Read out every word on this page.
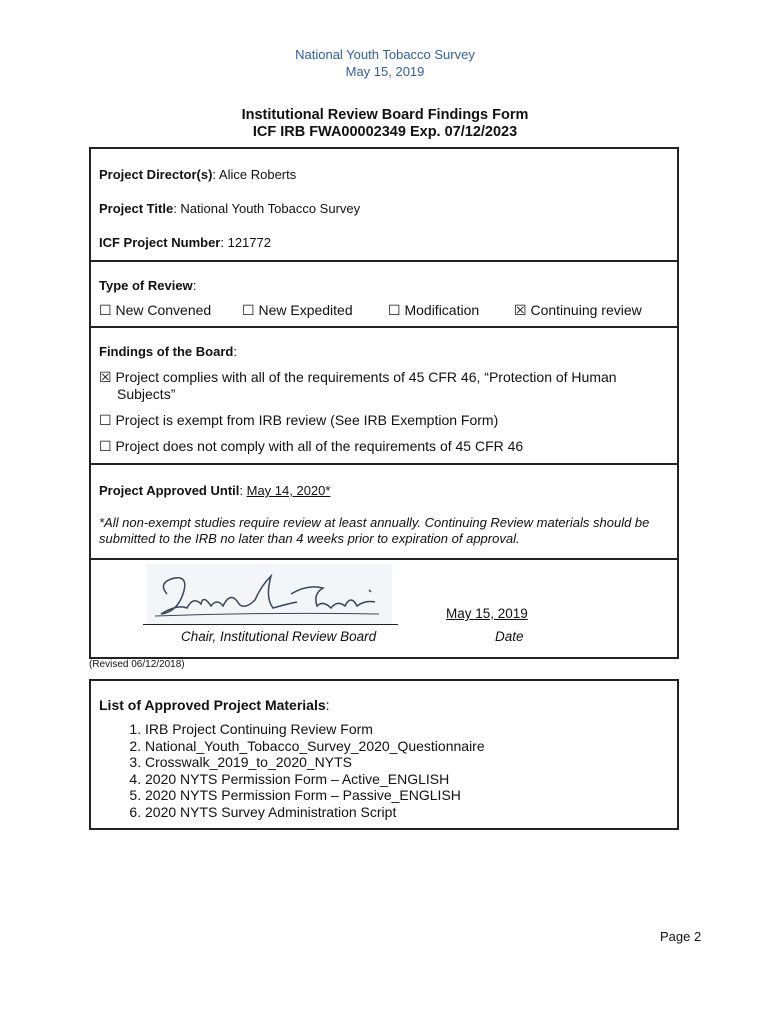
National Youth Tobacco Survey
May 15, 2019
Institutional Review Board Findings Form
ICF IRB FWA00002349 Exp. 07/12/2023
Project Director(s): Alice Roberts
Project Title: National Youth Tobacco Survey
ICF Project Number: 121772
Type of Review:
☐ New Convened ☐ New Expedited	☐ Modification ☒ Continuing review
Findings of the Board:
☒ Project complies with all of the requirements of 45 CFR 46, “Protection of Human Subjects”
☐ Project is exempt from IRB review (See IRB Exemption Form)
☐ Project does not comply with all of the requirements of 45 CFR 46
Project Approved Until: May 14, 2020*
*All non-exempt studies require review at least annually. Continuing Review materials should be submitted to the IRB no later than 4 weeks prior to expiration of approval.
May 15, 2019
Chair, Institutional Review Board	Date
(Revised 06/12/2018)
List of Approved Project Materials:
1. IRB Project Continuing Review Form
2. National_Youth_Tobacco_Survey_2020_Questionnaire
3. Crosswalk_2019_to_2020_NYTS
4. 2020 NYTS Permission Form – Active_ENGLISH
5. 2020 NYTS Permission Form – Passive_ENGLISH
6. 2020 NYTS Survey Administration Script
Page 2
